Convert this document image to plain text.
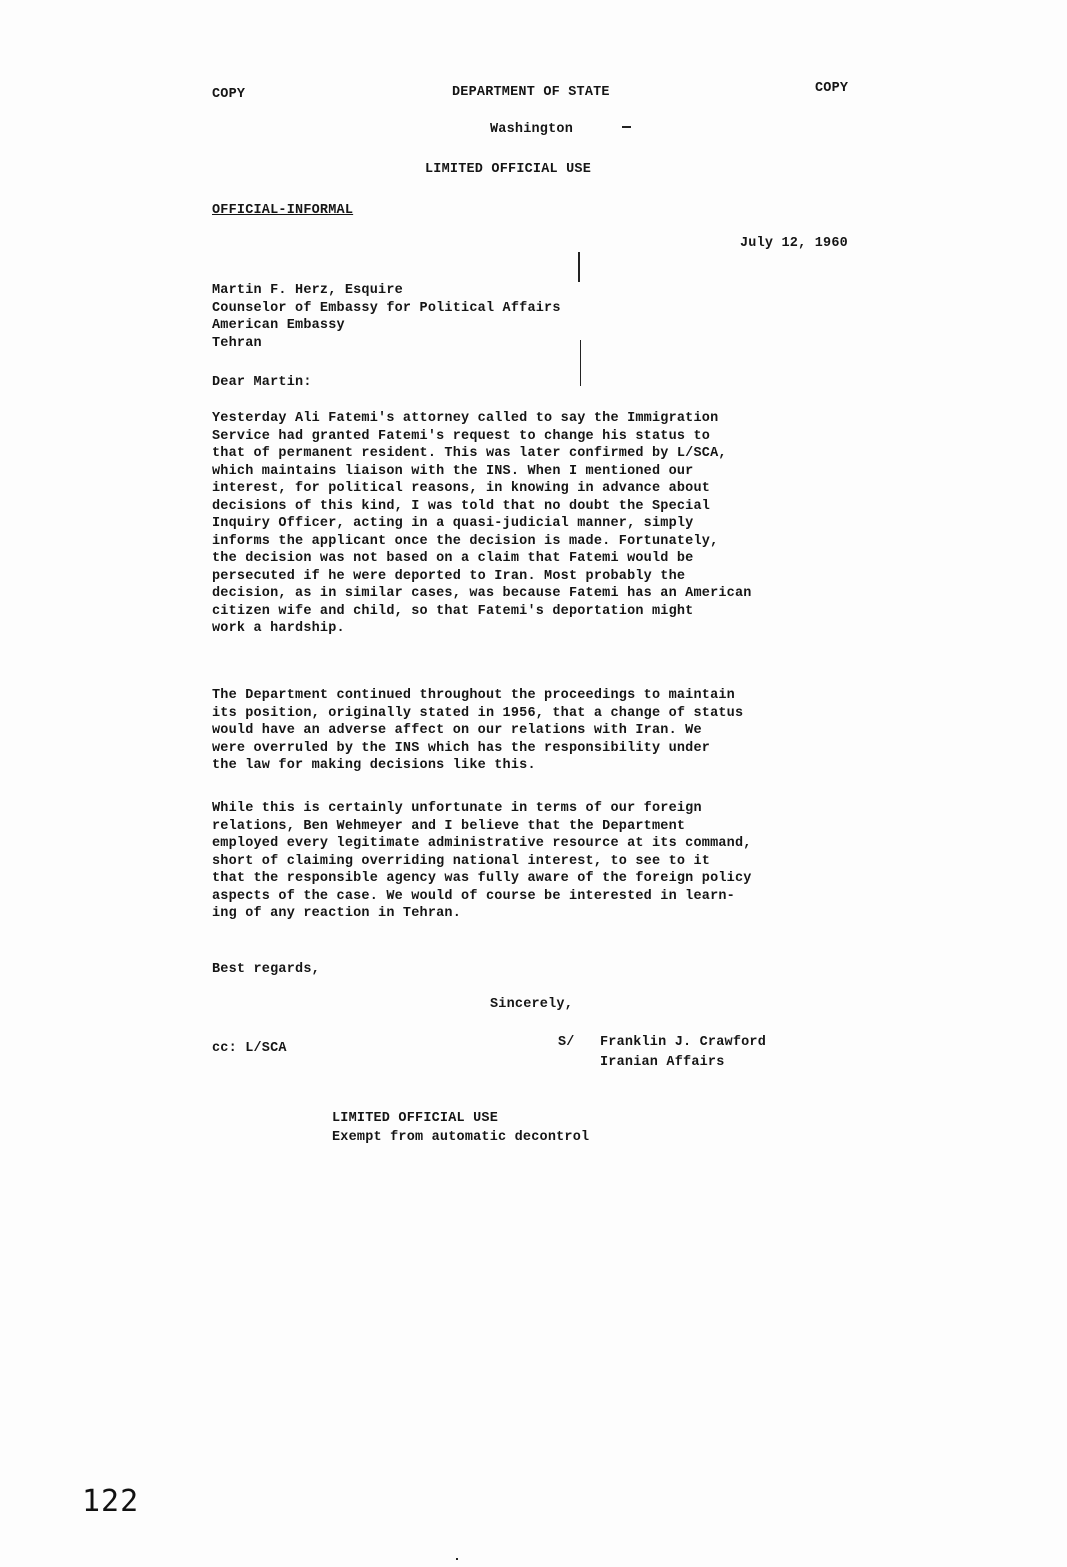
COPY	DEPARTMENT OF STATE	COPY
Washington
LIMITED OFFICIAL USE
OFFICIAL-INFORMAL
July 12, 1960
Martin F. Herz, Esquire
Counselor of Embassy for Political Affairs
American Embassy
Tehran
Dear Martin:
Yesterday Ali Fatemi's attorney called to say the Immigration
Service had granted Fatemi's request to change his status to
that of permanent resident. This was later confirmed by L/SCA,
which maintains liaison with the INS. When I mentioned our
interest, for political reasons, in knowing in advance about
decisions of this kind, I was told that no doubt the Special
Inquiry Officer, acting in a quasi-judicial manner, simply
informs the applicant once the decision is made. Fortunately,
the decision was not based on a claim that Fatemi would be
persecuted if he were deported to Iran. Most probably the
decision, as in similar cases, was because Fatemi has an American
citizen wife and child, so that Fatemi's deportation might
work a hardship.
The Department continued throughout the proceedings to maintain
its position, originally stated in 1956, that a change of status
would have an adverse affect on our relations with Iran. We
were overruled by the INS which has the responsibility under
the law for making decisions like this.
While this is certainly unfortunate in terms of our foreign
relations, Ben Wehmeyer and I believe that the Department
employed every legitimate administrative resource at its command,
short of claiming overriding national interest, to see to it
that the responsible agency was fully aware of the foreign policy
aspects of the case. We would of course be interested in learn-
ing of any reaction in Tehran.
Best regards,
Sincerely,
cc: L/SCA	S/ Franklin J. Crawford
Iranian Affairs
LIMITED OFFICIAL USE
Exempt from automatic decontrol
122
